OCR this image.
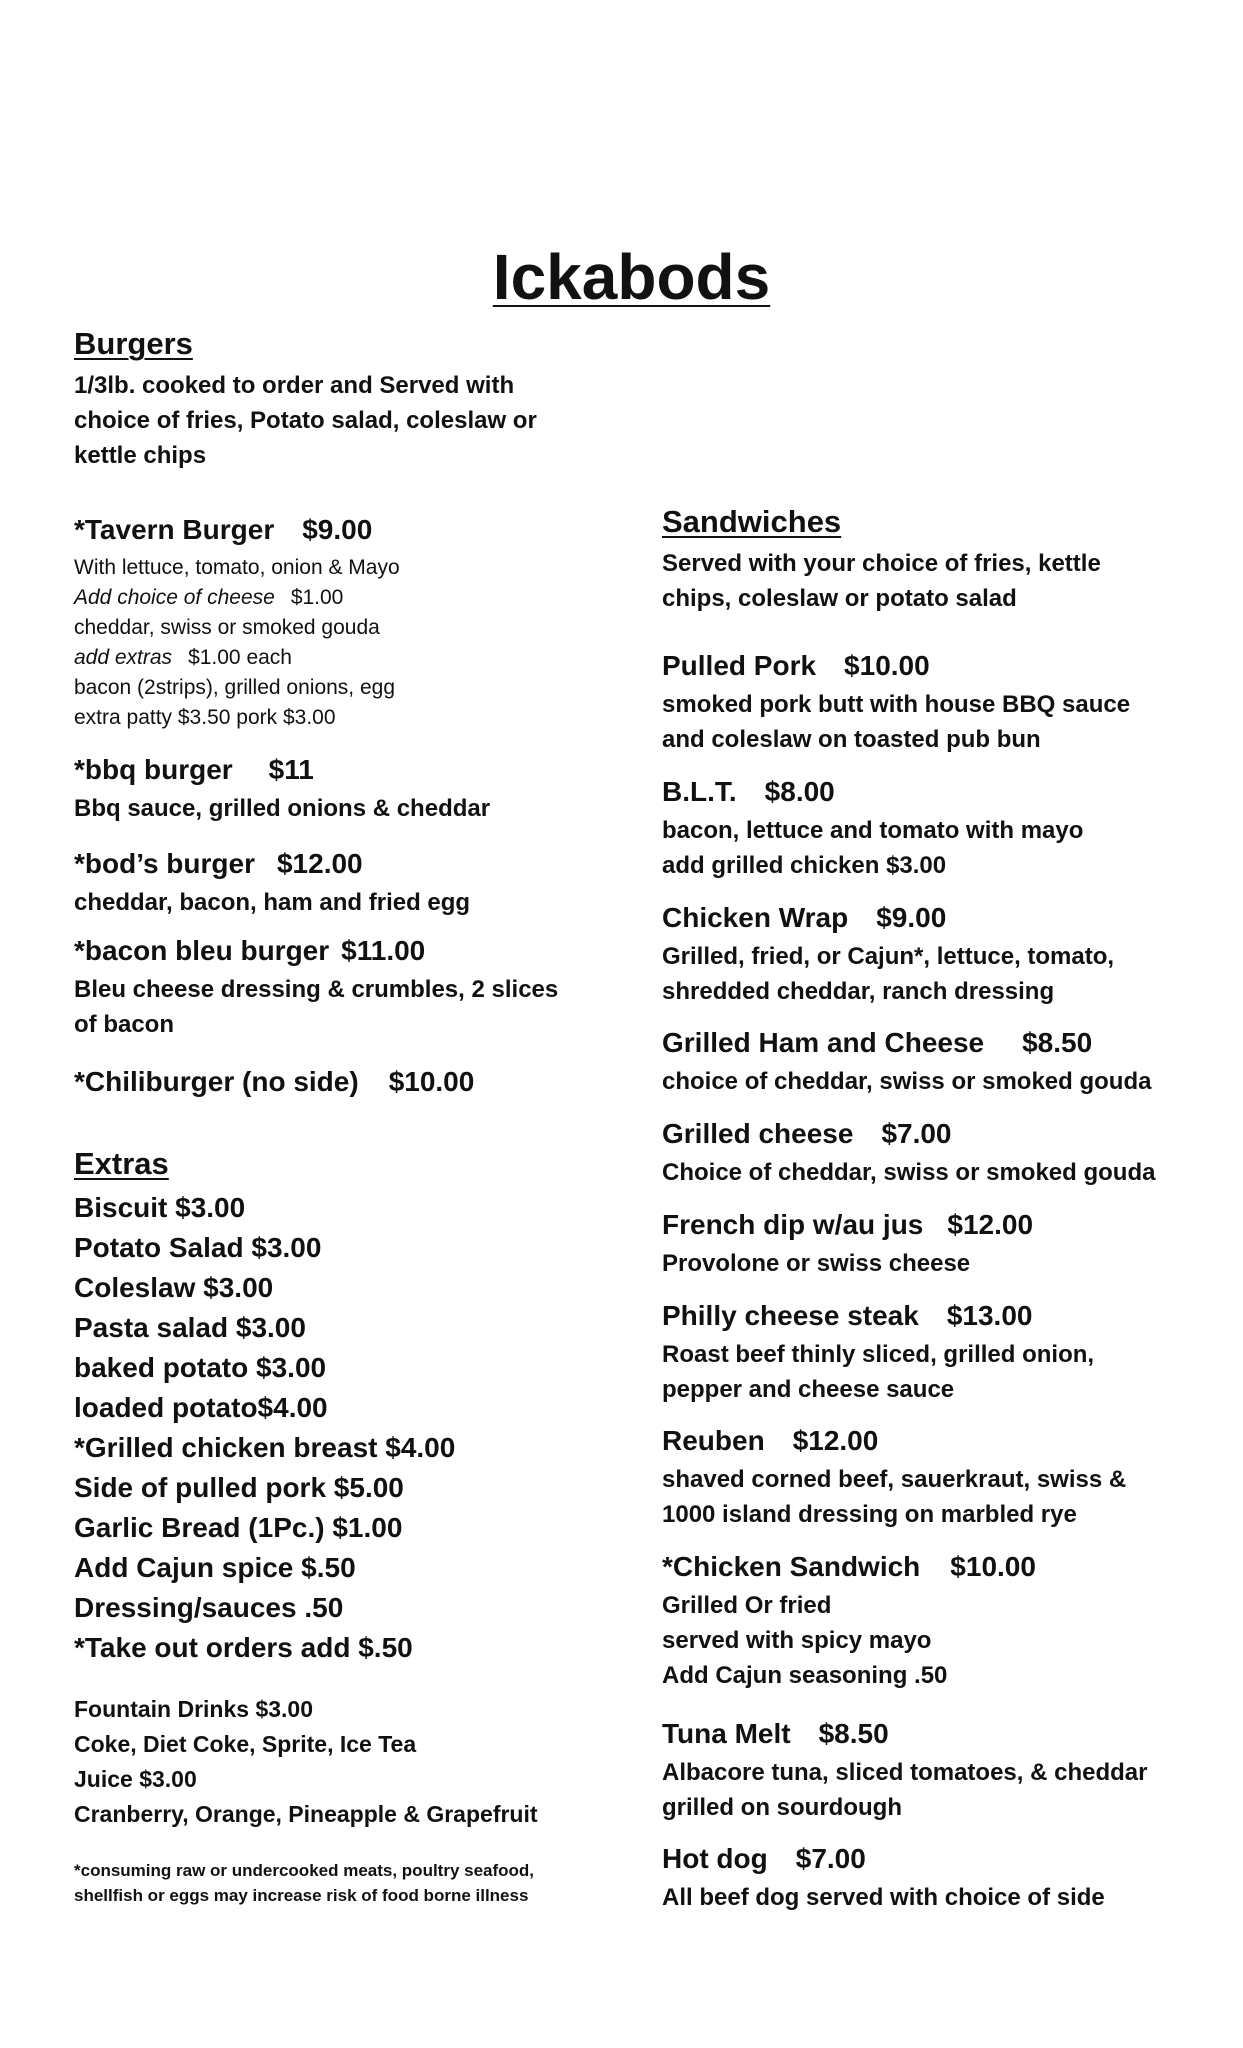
Ickabods
Burgers
1/3lb. cooked to order and Served with
choice of fries, Potato salad, coleslaw or
kettle chips
*Tavern Burger $9.00
With lettuce, tomato, onion & Mayo
Add choice of cheese $1.00
cheddar, swiss or smoked gouda
add extras $1.00 each
bacon (2strips), grilled onions, egg
extra patty $3.50 pork $3.00
*bbq burger $11
Bbq sauce, grilled onions & cheddar
*bod’s burger $12.00
cheddar, bacon, ham and fried egg
*bacon bleu burger $11.00
Bleu cheese dressing & crumbles, 2 slices
of bacon
*Chiliburger (no side) $10.00
Extras
Biscuit $3.00
Potato Salad $3.00
Coleslaw $3.00
Pasta salad $3.00
baked potato $3.00
loaded potato$4.00
*Grilled chicken breast $4.00
Side of pulled pork $5.00
Garlic Bread (1Pc.) $1.00
Add Cajun spice $.50
Dressing/sauces .50
*Take out orders add $.50
Fountain Drinks $3.00
Coke, Diet Coke, Sprite, Ice Tea
Juice $3.00
Cranberry, Orange, Pineapple & Grapefruit
*consuming raw or undercooked meats, poultry seafood,
shellfish or eggs may increase risk of food borne illness
Sandwiches
Served with your choice of fries, kettle
chips, coleslaw or potato salad
Pulled Pork $10.00
smoked pork butt with house BBQ sauce
and coleslaw on toasted pub bun
B.L.T. $8.00
bacon, lettuce and tomato with mayo
add grilled chicken $3.00
Chicken Wrap $9.00
Grilled, fried, or Cajun*, lettuce, tomato,
shredded cheddar, ranch dressing
Grilled Ham and Cheese $8.50
choice of cheddar, swiss or smoked gouda
Grilled cheese $7.00
Choice of cheddar, swiss or smoked gouda
French dip w/au jus $12.00
Provolone or swiss cheese
Philly cheese steak $13.00
Roast beef thinly sliced, grilled onion,
pepper and cheese sauce
Reuben $12.00
shaved corned beef, sauerkraut, swiss &
1000 island dressing on marbled rye
*Chicken Sandwich $10.00
Grilled Or fried
served with spicy mayo
Add Cajun seasoning .50
Tuna Melt $8.50
Albacore tuna, sliced tomatoes, & cheddar
grilled on sourdough
Hot dog $7.00
All beef dog served with choice of side
